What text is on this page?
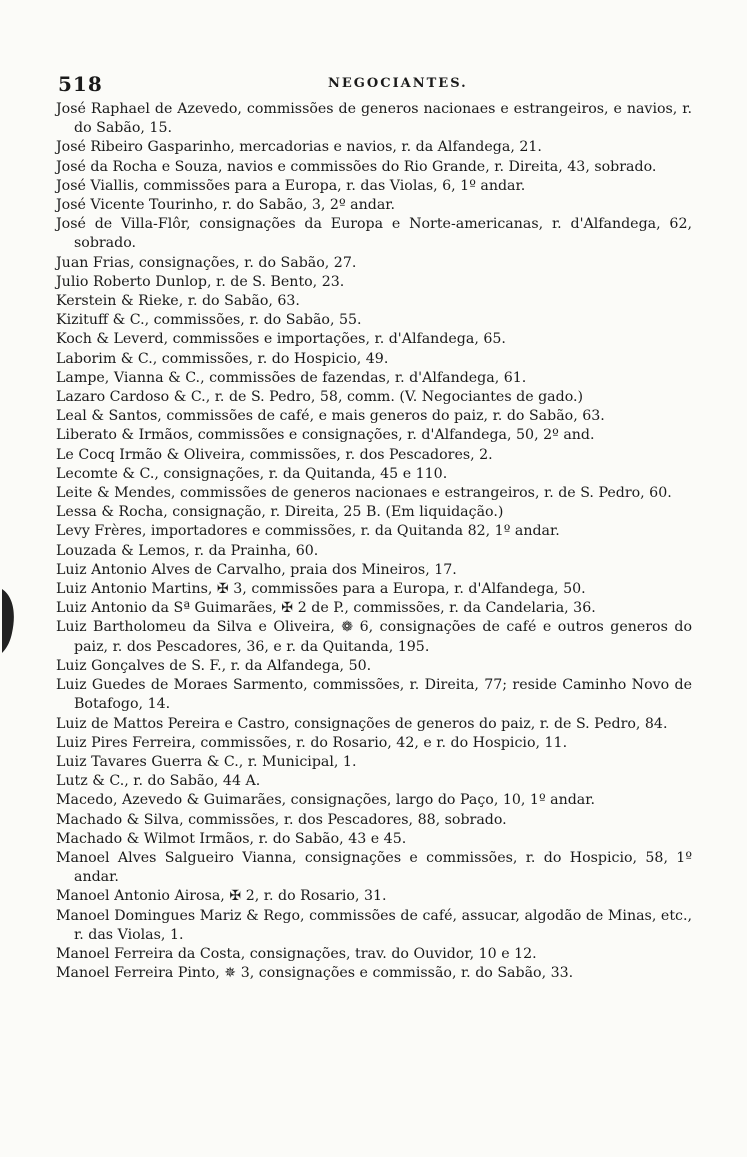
518	NEGOCIANTES.

José Raphael de Azevedo, commissões de generos nacionaes e estrangeiros, e navios, r. do Sabão, 15.

José Ribeiro Gasparinho, mercadorias e navios, r. da Alfandega, 21.

José da Rocha e Souza, navios e commissões do Rio Grande, r. Direita, 43, sobrado.

José Viallis, commissões para a Europa, r. das Violas, 6, 1º andar.

José Vicente Tourinho, r. do Sabão, 3, 2º andar.

José de Villa-Flôr, consignações da Europa e Norte-americanas, r. d'Alfandega, 62, sobrado.

Juan Frias, consignações, r. do Sabão, 27.

Julio Roberto Dunlop, r. de S. Bento, 23.

Kerstein & Rieke, r. do Sabão, 63.

Kizituff & C., commissões, r. do Sabão, 55.

Koch & Leverd, commissões e importações, r. d'Alfandega, 65.

Laborim & C., commissões, r. do Hospicio, 49.

Lampe, Vianna & C., commissões de fazendas, r. d'Alfandega, 61.

Lazaro Cardoso & C., r. de S. Pedro, 58, comm. (V. Negociantes de gado.)

Leal & Santos, commissões de café, e mais generos do paiz, r. do Sabão, 63.

Liberato & Irmãos, commissões e consignações, r. d'Alfandega, 50, 2º and.

Le Cocq Irmão & Oliveira, commissões, r. dos Pescadores, 2.

Lecomte & C., consignações, r. da Quitanda, 45 e 110.

Leite & Mendes, commissões de generos nacionaes e estrangeiros, r. de S. Pedro, 60.

Lessa & Rocha, consignação, r. Direita, 25 B. (Em liquidação.)

Levy Frères, importadores e commissões, r. da Quitanda 82, 1º andar.

Louzada & Lemos, r. da Prainha, 60.

Luiz Antonio Alves de Carvalho, praia dos Mineiros, 17.

Luiz Antonio Martins, ✠ 3, commissões para a Europa, r. d'Alfandega, 50.

Luiz Antonio da Sª Guimarães, ✠ 2 de P., commissões, r. da Candelaria, 36.

Luiz Bartholomeu da Silva e Oliveira, ❁ 6, consignações de café e outros generos do paiz, r. dos Pescadores, 36, e r. da Quitanda, 195.

Luiz Gonçalves de S. F., r. da Alfandega, 50.

Luiz Guedes de Moraes Sarmento, commissões, r. Direita, 77; reside Caminho Novo de Botafogo, 14.

Luiz de Mattos Pereira e Castro, consignações de generos do paiz, r. de S. Pedro, 84.

Luiz Pires Ferreira, commissões, r. do Rosario, 42, e r. do Hospicio, 11.

Luiz Tavares Guerra & C., r. Municipal, 1.

Lutz & C., r. do Sabão, 44 A.

Macedo, Azevedo & Guimarães, consignações, largo do Paço, 10, 1º andar.

Machado & Silva, commissões, r. dos Pescadores, 88, sobrado.

Machado & Wilmot Irmãos, r. do Sabão, 43 e 45.

Manoel Alves Salgueiro Vianna, consignações e commissões, r. do Hospicio, 58, 1º andar.

Manoel Antonio Airosa, ✠ 2, r. do Rosario, 31.

Manoel Domingues Mariz & Rego, commissões de café, assucar, algodão de Minas, etc., r. das Violas, 1.

Manoel Ferreira da Costa, consignações, trav. do Ouvidor, 10 e 12.

Manoel Ferreira Pinto, ✵ 3, consignações e commissão, r. do Sabão, 33.
